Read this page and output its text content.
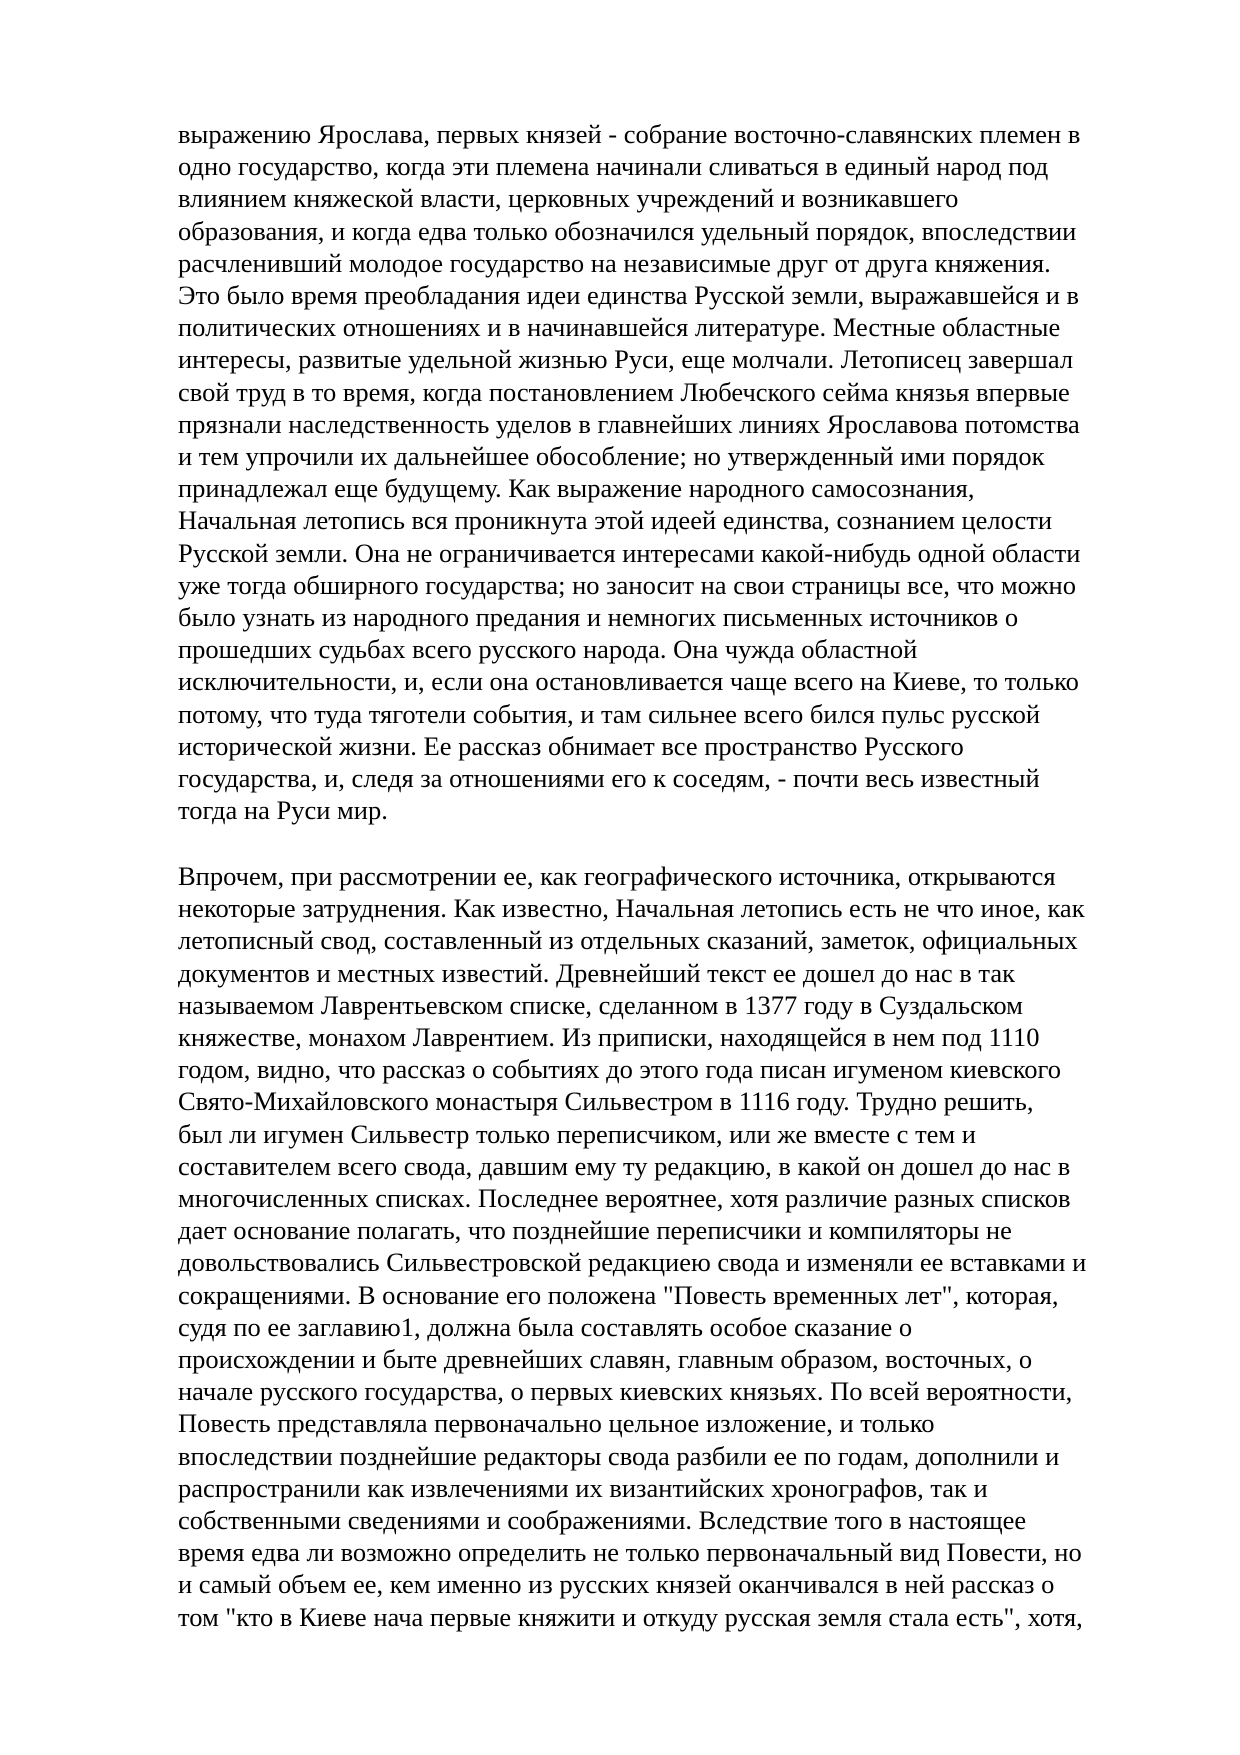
выражению Ярослава, первых князей - собрание восточно-славянских племен в
одно государство, когда эти племена начинали сливаться в единый народ под
влиянием княжеской власти, церковных учреждений и возникавшего
образования, и когда едва только обозначился удельный порядок, впоследствии
расчленивший молодое государство на независимые друг от друга княжения.
Это было время преобладания идеи единства Русской земли, выражавшейся и в
политических отношениях и в начинавшейся литературе. Местные областные
интересы, развитые удельной жизнью Руси, еще молчали. Летописец завершал
свой труд в то время, когда постановлением Любечского сейма князья впервые
прязнали наследственность уделов в главнейших линиях Ярославова потомства
и тем упрочили их дальнейшее обособление; но утвержденный ими порядок
принадлежал еще будущему. Как выражение народного самосознания,
Начальная летопись вся проникнута этой идеей единства, сознанием целости
Русской земли. Она не ограничивается интересами какой-нибудь одной области
уже тогда обширного государства; но заносит на свои страницы все, что можно
было узнать из народного предания и немногих письменных источников о
прошедших судьбах всего русского народа. Она чужда областной
исключительности, и, если она остановливается чаще всего на Киеве, то только
потому, что туда тяготели события, и там сильнее всего бился пульс русской
исторической жизни. Ее рассказ обнимает все пространство Русского
государства, и, следя за отношениями его к соседям, - почти весь известный
тогда на Руси мир.
Впрочем, при рассмотрении ее, как географического источника, открываются
некоторые затруднения. Как известно, Начальная летопись есть не что иное, как
летописный свод, составленный из отдельных сказаний, заметок, официальных
документов и местных известий. Древнейший текст ее дошел до нас в так
называемом Лаврентьевском списке, сделанном в 1377 году в Суздальском
княжестве, монахом Лаврентием. Из приписки, находящейся в нем под 1110
годом, видно, что рассказ о событиях до этого года писан игуменом киевского
Свято-Михайловского монастыря Сильвестром в 1116 году. Трудно решить,
был ли игумен Сильвестр только переписчиком, или же вместе с тем и
составителем всего свода, давшим ему ту редакцию, в какой он дошел до нас в
многочисленных списках. Последнее вероятнее, хотя различие разных списков
дает основание полагать, что позднейшие переписчики и компиляторы не
довольствовались Сильвестровской редакциею свода и изменяли ее вставками и
сокращениями. В основание его положена "Повесть временных лет", которая,
судя по ее заглавию1, должна была составлять особое сказание о
происхождении и быте древнейших славян, главным образом, восточных, о
начале русского государства, о первых киевских князьях. По всей вероятности,
Повесть представляла первоначально цельное изложение, и только
впоследствии позднейшие редакторы свода разбили ее по годам, дополнили и
распространили как извлечениями их византийских хронографов, так и
собственными сведениями и соображениями. Вследствие того в настоящее
время едва ли возможно определить не только первоначальный вид Повести, но
и самый объем ее, кем именно из русских князей оканчивался в ней рассказ о
том "кто в Киеве нача первые княжити и откуду русская земля стала есть", хотя,
